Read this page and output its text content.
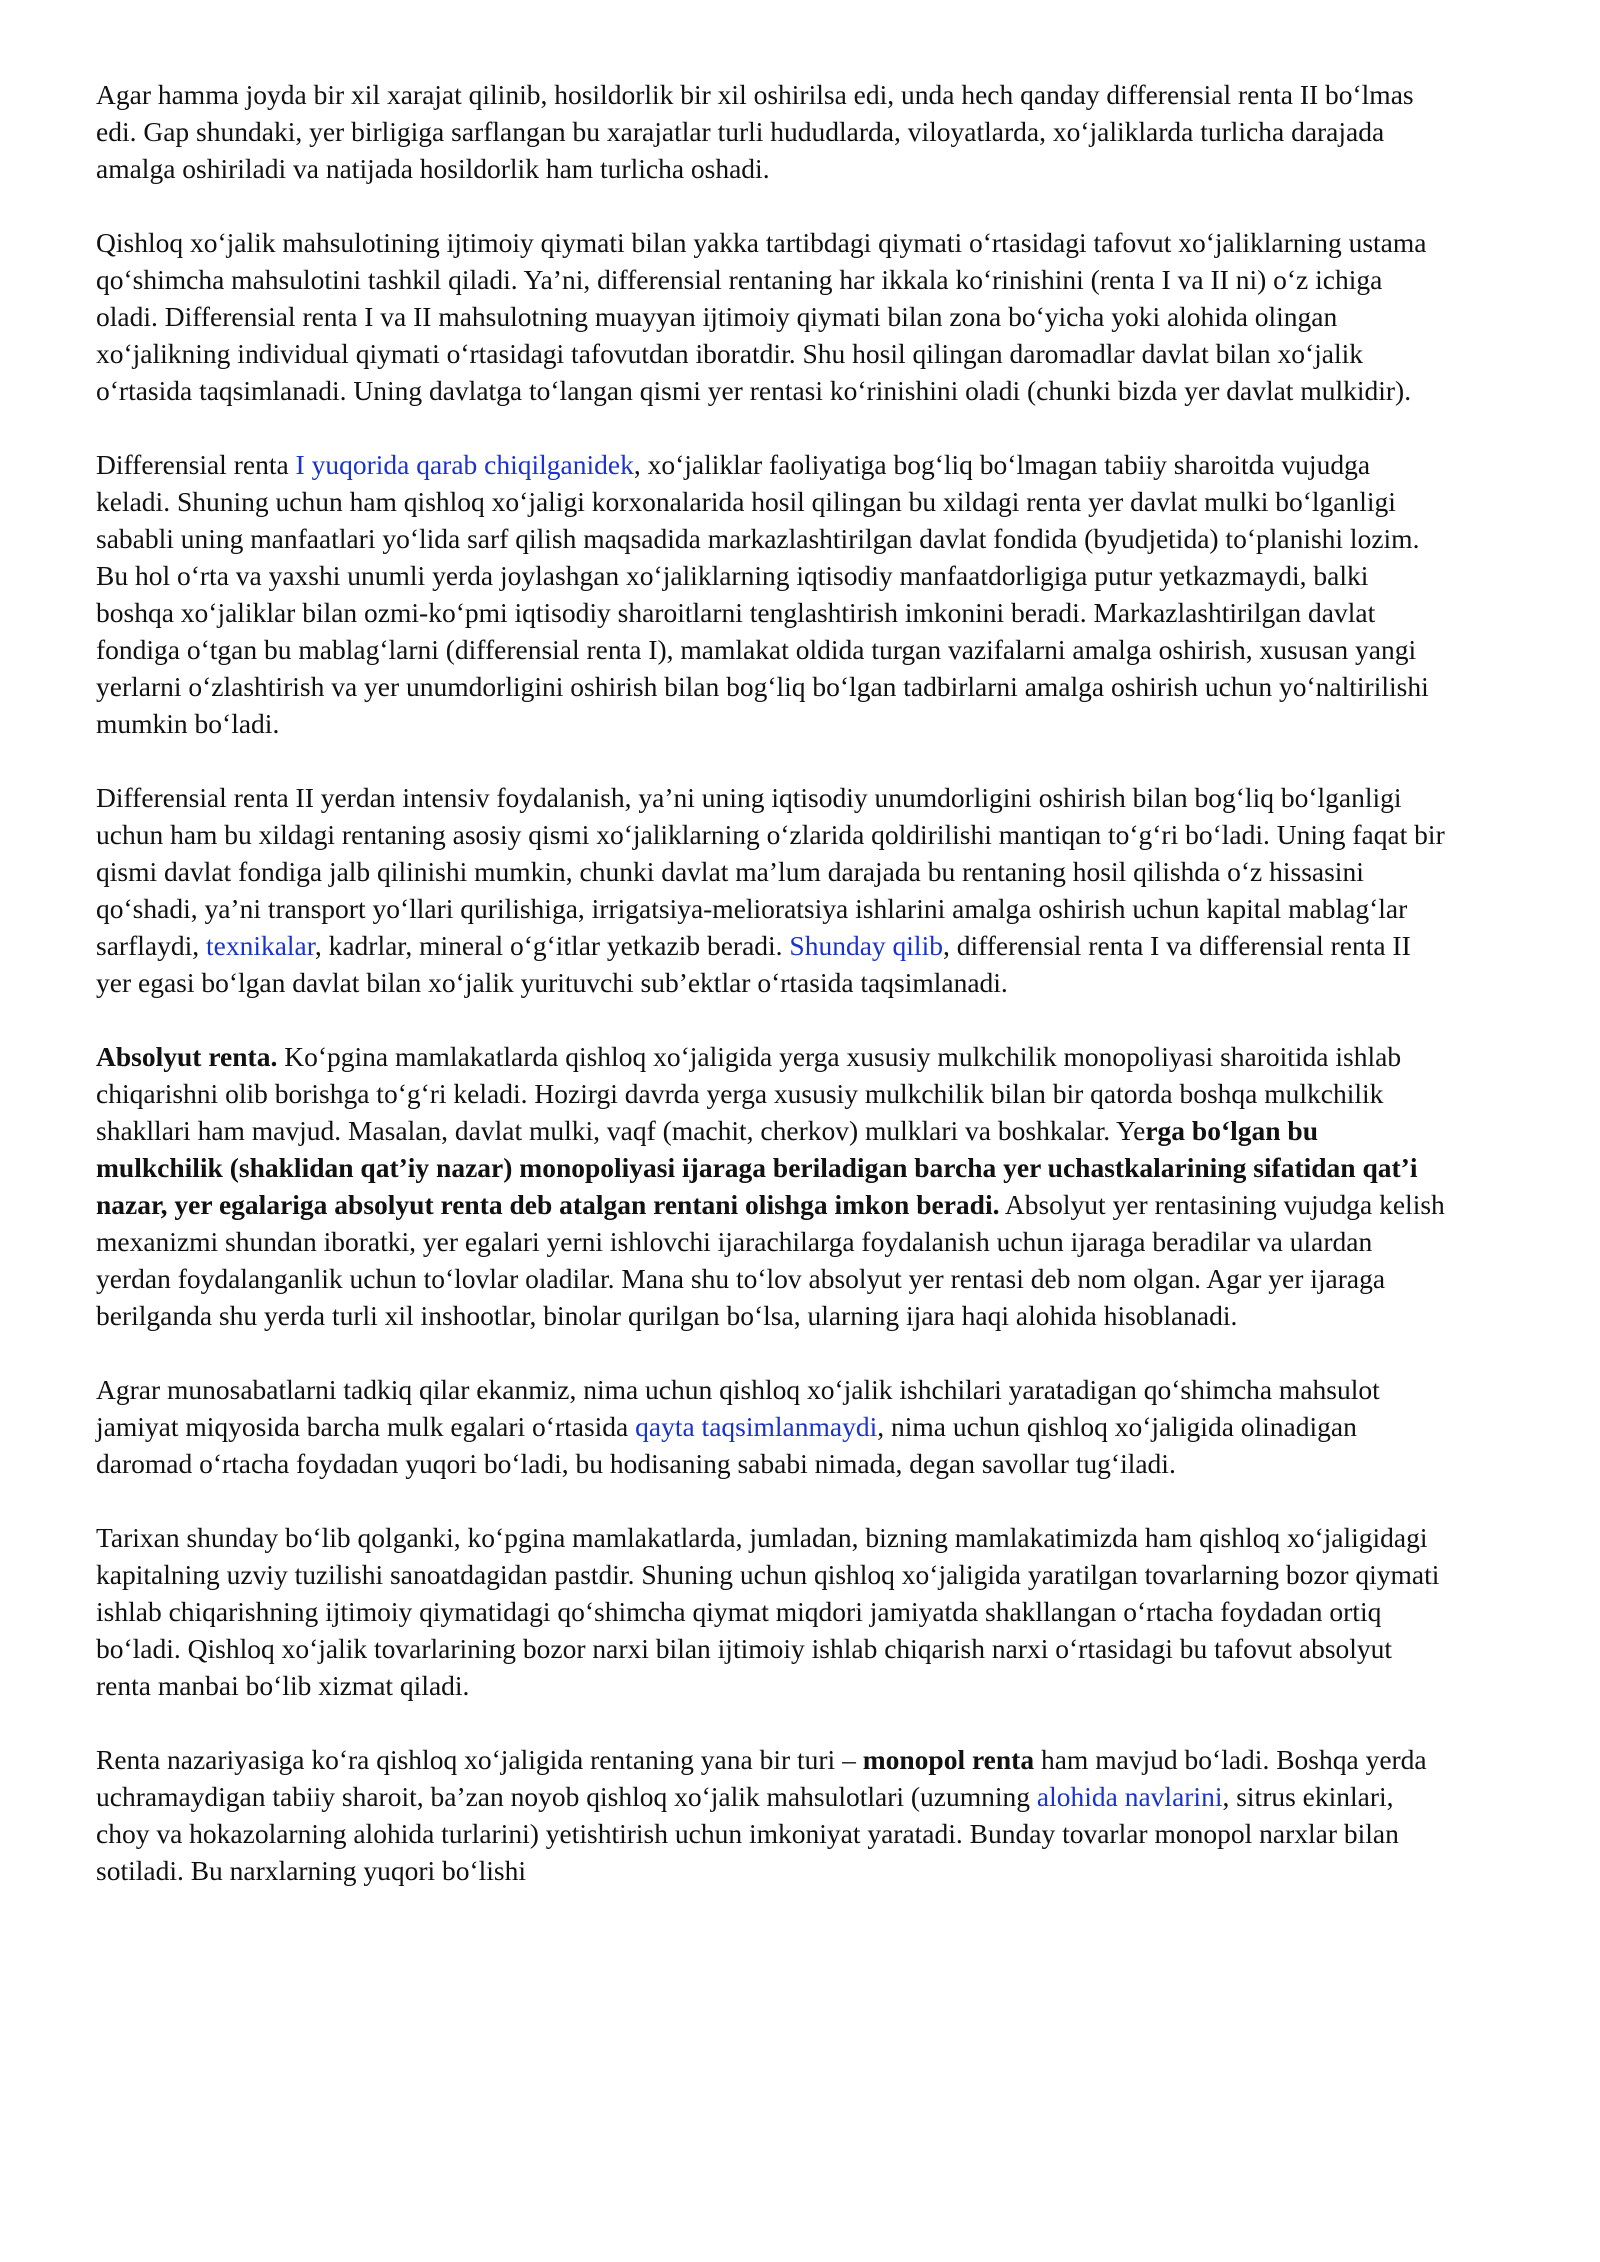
Agar hamma joyda bir xil xarajat qilinib, hosildorlik bir xil oshirilsa edi, unda hech qanday differensial renta II bo‘lmas edi. Gap shundaki, yer birligiga sarflangan bu xarajatlar turli hududlarda, viloyatlarda, xo‘jaliklarda turlicha darajada amalga oshiriladi va natijada hosildorlik ham turlicha oshadi.

Qishloq xo‘jalik mahsulotining ijtimoiy qiymati bilan yakka tartibdagi qiymati o‘rtasidagi tafovut xo‘jaliklarning ustama qo‘shimcha mahsulotini tashkil qiladi. Ya’ni, differensial rentaning har ikkala ko‘rinishini (renta I va II ni) o‘z ichiga oladi. Differensial renta I va II mahsulotning muayyan ijtimoiy qiymati bilan zona bo‘yicha yoki alohida olingan xo‘jalikning individual qiymati o‘rtasidagi tafovutdan iboratdir. Shu hosil qilingan daromadlar davlat bilan xo‘jalik o‘rtasida taqsimlanadi. Uning davlatga to‘langan qismi yer rentasi ko‘rinishini oladi (chunki bizda yer davlat mulkidir).

Differensial renta I yuqorida qarab chiqilganidek, xo‘jaliklar faoliyatiga bog‘liq bo‘lmagan tabiiy sharoitda vujudga keladi. Shuning uchun ham qishloq xo‘jaligi korxonalarida hosil qilingan bu xildagi renta yer davlat mulki bo‘lganligi sababli uning manfaatlari yo‘lida sarf qilish maqsadida markazlashtirilgan davlat fondida (byudjetida) to‘planishi lozim. Bu hol o‘rta va yaxshi unumli yerda joylashgan xo‘jaliklarning iqtisodiy manfaatdorligiga putur yetkazmaydi, balki boshqa xo‘jaliklar bilan ozmi-ko‘pmi iqtisodiy sharoitlarni tenglashtirish imkonini beradi. Markazlashtirilgan davlat fondiga o‘tgan bu mablag‘larni (differensial renta I), mamlakat oldida turgan vazifalarni amalga oshirish, xususan yangi yerlarni o‘zlashtirish va yer unumdorligini oshirish bilan bog‘liq bo‘lgan tadbirlarni amalga oshirish uchun yo‘naltirilishi mumkin bo‘ladi.

Differensial renta II yerdan intensiv foydalanish, ya’ni uning iqtisodiy unumdorligini oshirish bilan bog‘liq bo‘lganligi uchun ham bu xildagi rentaning asosiy qismi xo‘jaliklarning o‘zlarida qoldirilishi mantiqan to‘g‘ri bo‘ladi. Uning faqat bir qismi davlat fondiga jalb qilinishi mumkin, chunki davlat ma’lum darajada bu rentaning hosil qilishda o‘z hissasini qo‘shadi, ya’ni transport yo‘llari qurilishiga, irrigatsiya-melioratsiya ishlarini amalga oshirish uchun kapital mablag‘lar sarflaydi, texnikalar, kadrlar, mineral o‘g‘itlar yetkazib beradi. Shunday qilib, differensial renta I va differensial renta II yer egasi bo‘lgan davlat bilan xo‘jalik yurituvchi sub’ektlar o‘rtasida taqsimlanadi.

Absolyut renta. Ko‘pgina mamlakatlarda qishloq xo‘jaligida yerga xususiy mulkchilik monopoliyasi sharoitida ishlab chiqarishni olib borishga to‘g‘ri keladi. Hozirgi davrda yerga xususiy mulkchilik bilan bir qatorda boshqa mulkchilik shakllari ham mavjud. Masalan, davlat mulki, vaqf (machit, cherkov) mulklari va boshkalar. Yerga bo‘lgan bu mulkchilik (shaklidan qat’iy nazar) monopoliyasi ijaraga beriladigan barcha yer uchastkalarining sifatidan qat’i nazar, yer egalariga absolyut renta deb atalgan rentani olishga imkon beradi. Absolyut yer rentasining vujudga kelish mexanizmi shundan iboratki, yer egalari yerni ishlovchi ijarachilarga foydalanish uchun ijaraga beradilar va ulardan yerdan foydalanganlik uchun to‘lovlar oladilar. Mana shu to‘lov absolyut yer rentasi deb nom olgan. Agar yer ijaraga berilganda shu yerda turli xil inshootlar, binolar qurilgan bo‘lsa, ularning ijara haqi alohida hisoblanadi.

Agrar munosabatlarni tadkiq qilar ekanmiz, nima uchun qishloq xo‘jalik ishchilari yaratadigan qo‘shimcha mahsulot jamiyat miqyosida barcha mulk egalari o‘rtasida qayta taqsimlanmaydi, nima uchun qishloq xo‘jaligida olinadigan daromad o‘rtacha foydadan yuqori bo‘ladi, bu hodisaning sababi nimada, degan savollar tug‘iladi.

Tarixan shunday bo‘lib qolganki, ko‘pgina mamlakatlarda, jumladan, bizning mamlakatimizda ham qishloq xo‘jaligidagi kapitalning uzviy tuzilishi sanoatdagidan pastdir. Shuning uchun qishloq xo‘jaligida yaratilgan tovarlarning bozor qiymati ishlab chiqarishning ijtimoiy qiymatidagi qo‘shimcha qiymat miqdori jamiyatda shakllangan o‘rtacha foydadan ortiq bo‘ladi. Qishloq xo‘jalik tovarlarining bozor narxi bilan ijtimoiy ishlab chiqarish narxi o‘rtasidagi bu tafovut absolyut renta manbai bo‘lib xizmat qiladi.

Renta nazariyasiga ko‘ra qishloq xo‘jaligida rentaning yana bir turi – monopol renta ham mavjud bo‘ladi. Boshqa yerda uchramaydigan tabiiy sharoit, ba’zan noyob qishloq xo‘jalik mahsulotlari (uzumning alohida navlarini, sitrus ekinlari, choy va hokazolarning alohida turlarini) yetishtirish uchun imkoniyat yaratadi. Bunday tovarlar monopol narxlar bilan sotiladi. Bu narxlarning yuqori bo‘lishi
